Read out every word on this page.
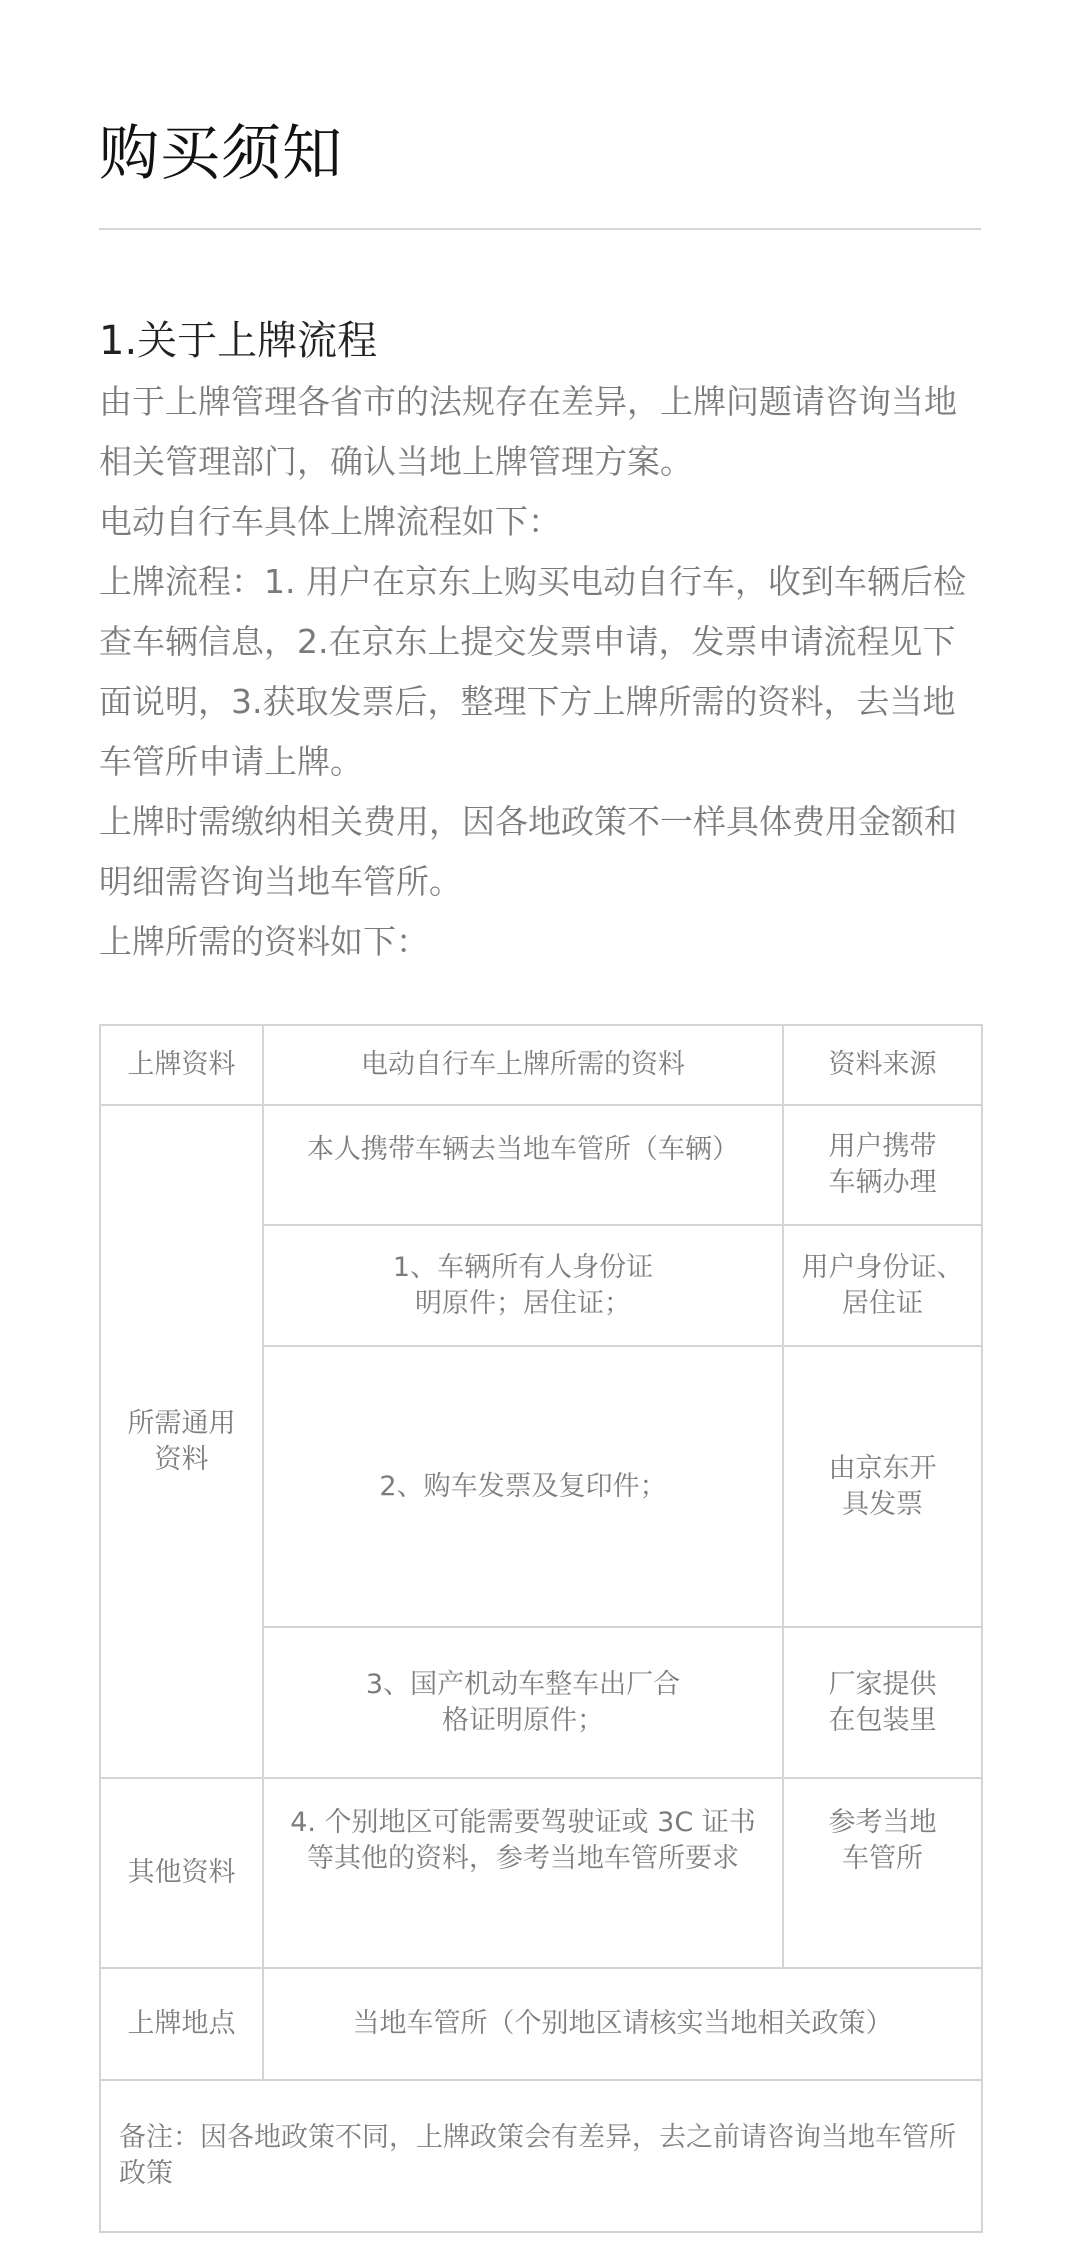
购买须知
1.关于上牌流程

由于上牌管理各省市的法规存在差异，上牌问题请咨询当地相关管理部门，确认当地上牌管理方案。

电动自行车具体上牌流程如下：

上牌流程：1. 用户在京东上购买电动自行车，收到车辆后检查车辆信息，2.在京东上提交发票申请，发票申请流程见下面说明，3.获取发票后，整理下方上牌所需的资料，去当地车管所申请上牌。

上牌时需缴纳相关费用，因各地政策不一样具体费用金额和明细需咨询当地车管所。

上牌所需的资料如下：

上牌资料	电动自行车上牌所需的资料	资料来源
所需通用资料	本人携带车辆去当地车管所（车辆）	用户携带车辆办理
	1、车辆所有人身份证明原件；居住证；	用户身份证、居住证
	2、购车发票及复印件；	由京东开具发票
	3、国产机动车整车出厂合格证明原件；	厂家提供在包装里
其他资料	4. 个别地区可能需要驾驶证或 3C 证书等其他的资料，参考当地车管所要求	参考当地车管所
上牌地点	当地车管所（个别地区请核实当地相关政策）	
备注：因各地政策不同，上牌政策会有差异，去之前请咨询当地车管所政策		
